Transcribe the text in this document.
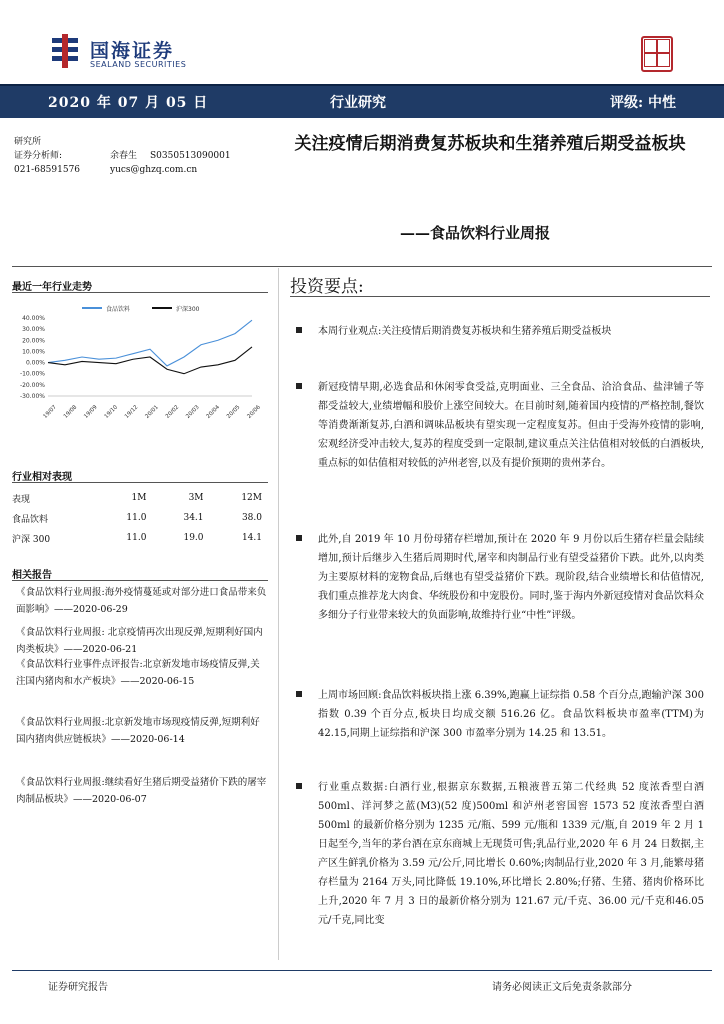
国海证券
SEALAND SECURITIES
2020 年 07 月 05 日	行业研究	评级: 中性
研究所
证券分析师:	余春生 S0350513090001
021-68591576	yucs@ghzq.com.cn
关注疫情后期消费复苏板块和生猪养殖后期受益板块
——食品饮料行业周报
最近一年行业走势
食品饮料	沪深300
40.00%
30.00%
20.00%
10.00%
0.00%
-10.00%
-20.00%
-30.00%
19/07 19/08 19/09 19/10 19/12 20/01 20/02 20/03 20/04 20/05 20/06
行业相对表现
表现	1M	3M	12M
食品饮料	11.0	34.1	38.0
沪深 300	11.0	19.0	14.1
相关报告
《食品饮料行业周报:海外疫情蔓延或对部分进口食品带来负面影响》——2020-06-29
《食品饮料行业周报: 北京疫情再次出现反弹,短期利好国内肉类板块》——2020-06-21
《食品饮料行业事件点评报告:北京新发地市场疫情反弹,关注国内猪肉和水产板块》——2020-06-15
《食品饮料行业周报:北京新发地市场现疫情反弹,短期利好国内猪肉供应链板块》——2020-06-14
《食品饮料行业周报:继续看好生猪后期受益猪价下跌的屠宰肉制品板块》——2020-06-07
投资要点:
本周行业观点:关注疫情后期消费复苏板块和生猪养殖后期受益板块
新冠疫情早期,必选食品和休闲零食受益,克明面业、三全食品、洽洽食品、盐津铺子等都受益较大,业绩增幅和股价上涨空间较大。在目前时刻,随着国内疫情的严格控制,餐饮等消费渐渐复苏,白酒和调味品板块有望实现一定程度复苏。但由于受海外疫情的影响,宏观经济受冲击较大,复苏的程度受到一定限制,建议重点关注估值相对较低的白酒板块,重点标的如估值相对较低的泸州老窖,以及有提价预期的贵州茅台。
此外,自 2019 年 10 月份母猪存栏增加,预计在 2020 年 9 月份以后生猪存栏量会陆续增加,预计后继步入生猪后周期时代,屠宰和肉制品行业有望受益猪价下跌。此外,以肉类为主要原材料的宠物食品,后继也有望受益猪价下跌。现阶段,结合业绩增长和估值情况,我们重点推荐龙大肉食、华统股份和中宠股份。同时,鉴于海内外新冠疫情对食品饮料众多细分子行业带来较大的负面影响,故维持行业“中性”评级。
上周市场回顾:食品饮料板块指上涨 6.39%,跑赢上证综指 0.58 个百分点,跑输沪深 300 指数 0.39 个百分点,板块日均成交额 516.26 亿。食品饮料板块市盈率(TTM)为 42.15,同期上证综指和沪深 300 市盈率分别为 14.25 和 13.51。
行业重点数据:白酒行业,根据京东数据,五粮液普五第二代经典 52 度浓香型白酒 500ml、洋河梦之蓝(M3)(52 度)500ml 和泸州老窖国窖 1573 52 度浓香型白酒 500ml 的最新价格分别为 1235 元/瓶、599 元/瓶和 1339 元/瓶,自 2019 年 2 月 1 日起至今,当年的茅台酒在京东商城上无现货可售;乳品行业,2020 年 6 月 24 日数据,主产区生鲜乳价格为 3.59 元/公斤,同比增长 0.60%;肉制品行业,2020 年 3 月,能繁母猪存栏量为 2164 万头,同比降低 19.10%,环比增长 2.80%;仔猪、生猪、猪肉价格环比上升,2020 年 7 月 3 日的最新价格分别为 121.67 元/千克、36.00 元/千克和46.05 元/千克,同比变
证券研究报告	请务必阅读正文后免责条款部分
